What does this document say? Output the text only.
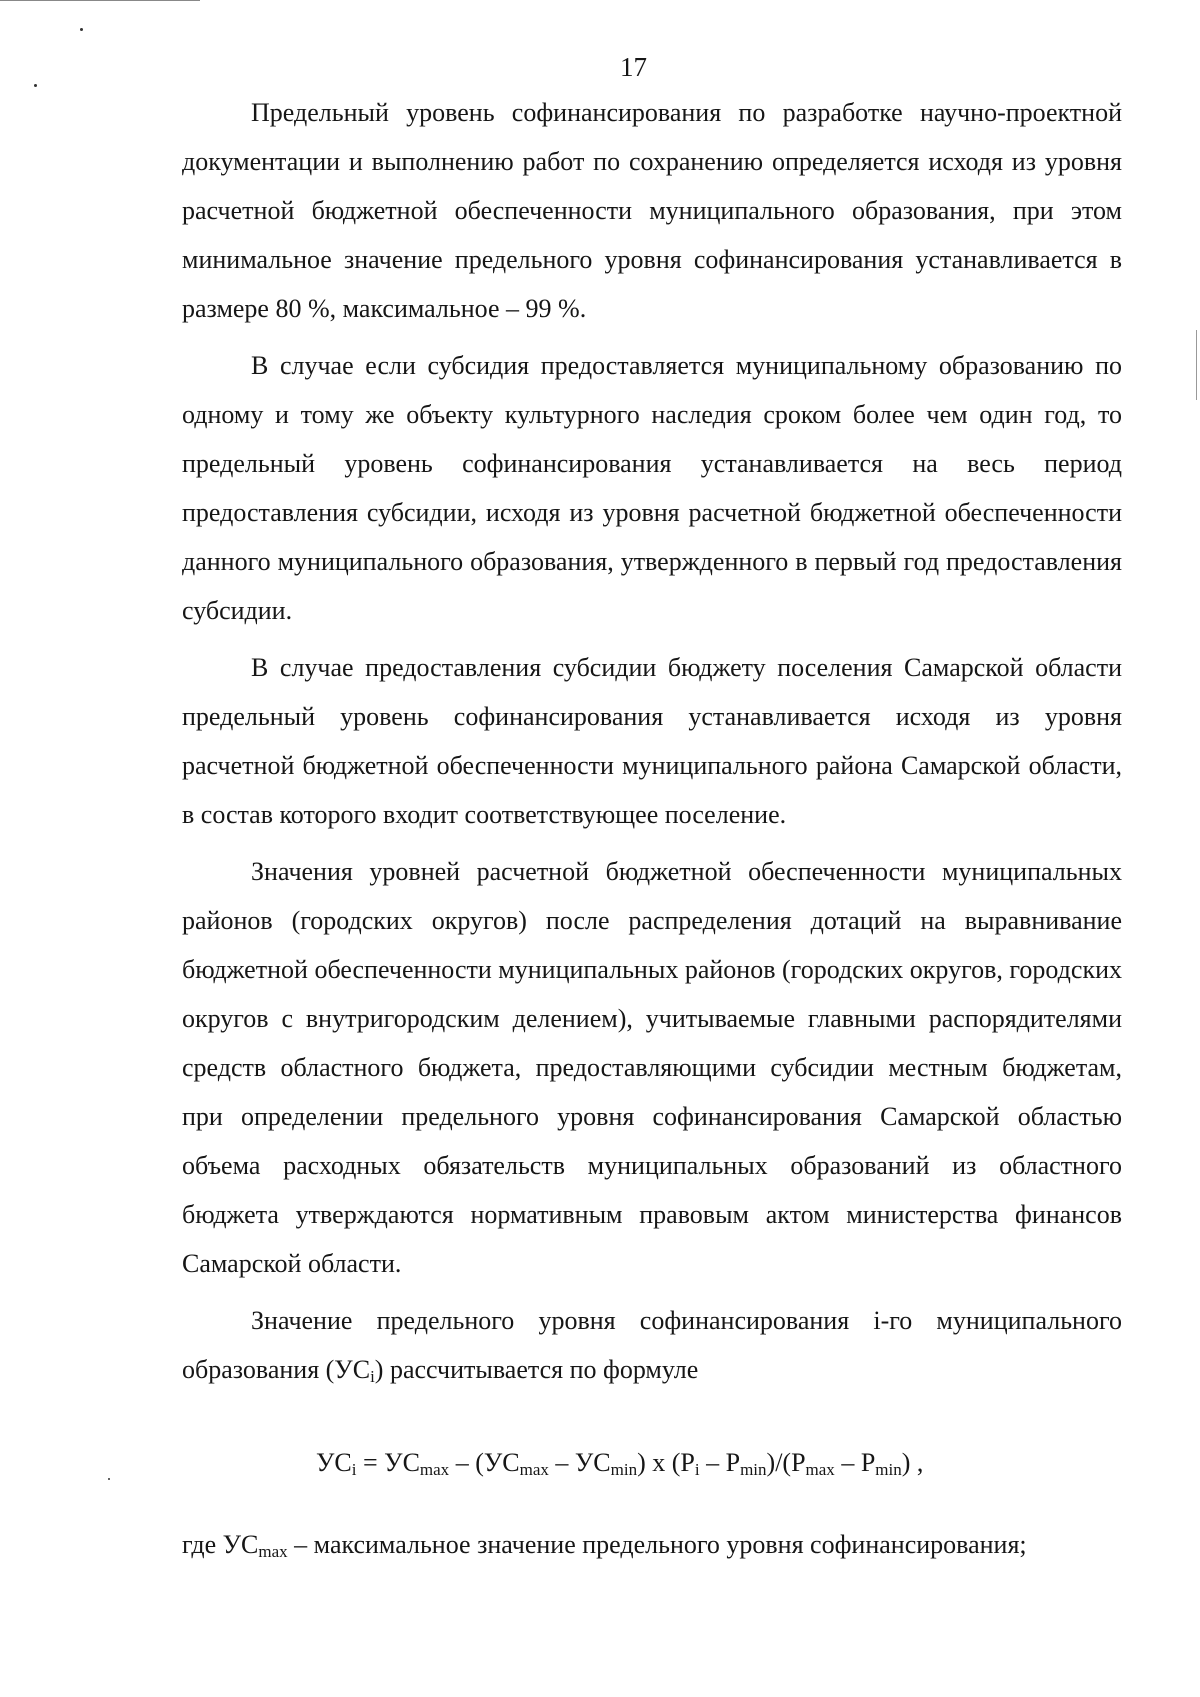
17

Предельный уровень софинансирования по разработке научно-проектной документации и выполнению работ по сохранению определяется исходя из уровня расчетной бюджетной обеспеченности муниципального образования, при этом минимальное значение предельного уровня софинансирования устанавливается в размере 80 %, максимальное – 99 %.

В случае если субсидия предоставляется муниципальному образованию по одному и тому же объекту культурного наследия сроком более чем один год, то предельный уровень софинансирования устанавливается на весь период предоставления субсидии, исходя из уровня расчетной бюджетной обеспеченности данного муниципального образования, утвержденного в первый год предоставления субсидии.

В случае предоставления субсидии бюджету поселения Самарской области предельный уровень софинансирования устанавливается исходя из уровня расчетной бюджетной обеспеченности муниципального района Самарской области, в состав которого входит соответствующее поселение.

Значения уровней расчетной бюджетной обеспеченности муниципальных районов (городских округов) после распределения дотаций на выравнивание бюджетной обеспеченности муниципальных районов (городских округов, городских округов с внутригородским делением), учитываемые главными распорядителями средств областного бюджета, предоставляющими субсидии местным бюджетам, при определении предельного уровня софинансирования Самарской областью объема расходных обязательств муниципальных образований из областного бюджета утверждаются нормативным правовым актом министерства финансов Самарской области.

Значение предельного уровня софинансирования i-го муниципального образования $(УС_i)$ рассчитывается по формуле

$УС_i = УС_{max} - (УС_{max} - УС_{min})$ x $(P_i - P_{min})/(P_{max} - P_{min})$ ,
где $УС_{max}$ – максимальное значение предельного уровня софинансирования;
